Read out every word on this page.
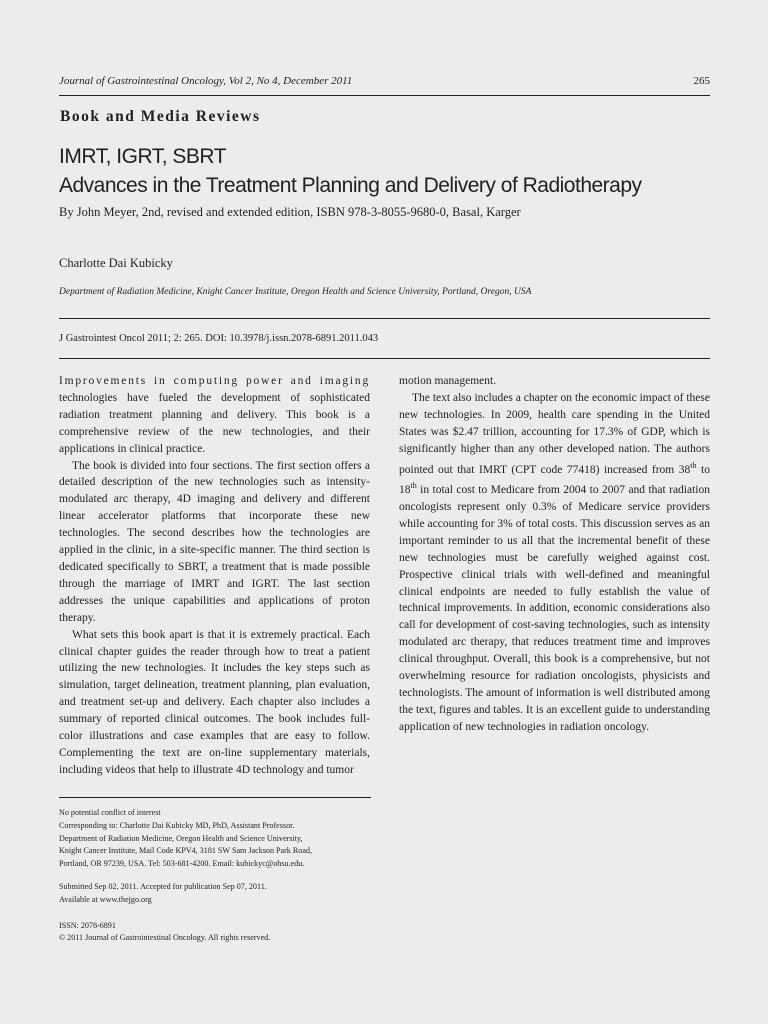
Journal of Gastrointestinal Oncology, Vol 2, No 4, December 2011	265
Book and Media Reviews
IMRT, IGRT, SBRT
Advances in the Treatment Planning and Delivery of Radiotherapy
By John Meyer, 2nd, revised and extended edition, ISBN 978-3-8055-9680-0, Basal, Karger
Charlotte Dai Kubicky
Department of Radiation Medicine, Knight Cancer Institute, Oregon Health and Science University, Portland, Oregon, USA
J Gastrointest Oncol 2011; 2: 265. DOI: 10.3978/j.issn.2078-6891.2011.043

Improvements in computing power and imaging technologies have fueled the development of sophisticated radiation treatment planning and delivery. This book is a comprehensive review of the new technologies, and their applications in clinical practice.

The book is divided into four sections. The first section offers a detailed description of the new technologies such as intensity-modulated arc therapy, 4D imaging and delivery and different linear accelerator platforms that incorporate these new technologies. The second describes how the technologies are applied in the clinic, in a site-specific manner. The third section is dedicated specifically to SBRT, a treatment that is made possible through the marriage of IMRT and IGRT. The last section addresses the unique capabilities and applications of proton therapy.

What sets this book apart is that it is extremely practical. Each clinical chapter guides the reader through how to treat a patient utilizing the new technologies. It includes the key steps such as simulation, target delineation, treatment planning, plan evaluation, and treatment set-up and delivery. Each chapter also includes a summary of reported clinical outcomes. The book includes full-color illustrations and case examples that are easy to follow. Complementing the text are on-line supplementary materials, including videos that help to illustrate 4D technology and tumor

motion management.

The text also includes a chapter on the economic impact of these new technologies. In 2009, health care spending in the United States was $2.47 trillion, accounting for 17.3% of GDP, which is significantly higher than any other developed nation. The authors pointed out that IMRT (CPT code 77418) increased from 38th to 18th in total cost to Medicare from 2004 to 2007 and that radiation oncologists represent only 0.3% of Medicare service providers while accounting for 3% of total costs. This discussion serves as an important reminder to us all that the incremental benefit of these new technologies must be carefully weighed against cost. Prospective clinical trials with well-defined and meaningful clinical endpoints are needed to fully establish the value of technical improvements. In addition, economic considerations also call for development of cost-saving technologies, such as intensity modulated arc therapy, that reduces treatment time and improves clinical throughput. Overall, this book is a comprehensive, but not overwhelming resource for radiation oncologists, physicists and technologists. The amount of information is well distributed among the text, figures and tables. It is an excellent guide to understanding application of new technologies in radiation oncology.

No potential conflict of interest
Corresponding to: Charlotte Dai Kubicky MD, PhD, Assistant Professor.
Department of Radiation Medicine, Oregon Health and Science University,
Knight Cancer Institute, Mail Code KPV4, 3181 SW Sam Jackson Park Road,
Portland, OR 97239, USA. Tel: 503-681-4200. Email: kubickyc@ohsu.edu.
Submitted Sep 02, 2011. Accepted for publication Sep 07, 2011.
Available at www.thejgo.org
ISSN: 2078-6891
© 2011 Journal of Gastrointestinal Oncology. All rights reserved.
